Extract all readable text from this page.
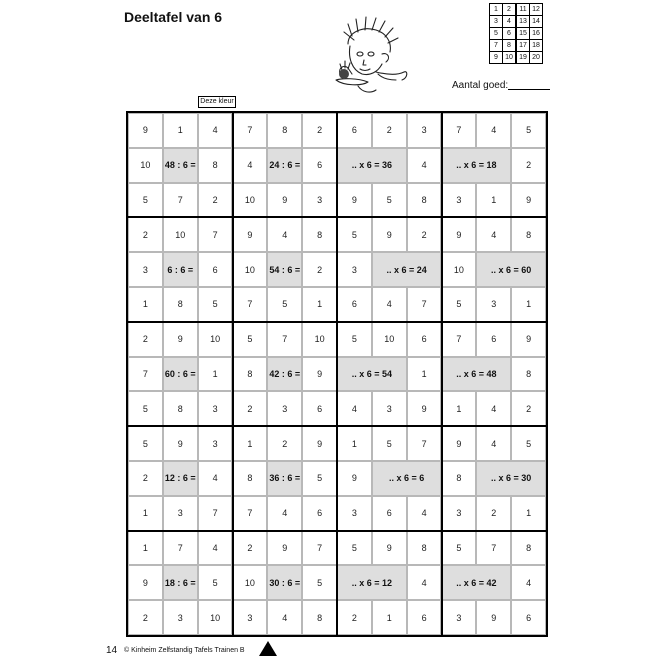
Deeltafel van 6	1	2	11	12
3	4	13	14
5	6	15	16
7	8	17	18
9	10	19	20
Aantal goed:
Deze kleur
9	1	4	7	8	2	6	2	3	7	4	5
10	48 : 6 =	8	4	24 : 6 =	6	.. x 6 = 36	4	.. x 6 = 18	2
5	7	2	10	9	3	9	5	8	3	1	9
2	10	7	9	4	8	5	9	2	9	4	8
3	6 : 6 =	6	10	54 : 6 =	2	3	.. x 6 = 24	10	.. x 6 = 60
1	8	5	7	5	1	6	4	7	5	3	1
2	9	10	5	7	10	5	10	6	7	6	9
7	60 : 6 =	1	8	42 : 6 =	9	.. x 6 = 54	1	.. x 6 = 48	8
5	8	3	2	3	6	4	3	9	1	4	2
5	9	3	1	2	9	1	5	7	9	4	5
2	12 : 6 =	4	8	36 : 6 =	5	9	.. x 6 = 6	8	.. x 6 = 30
1	3	7	7	4	6	3	6	4	3	2	1
1	7	4	2	9	7	5	9	8	5	7	8
9	18 : 6 =	5	10	30 : 6 =	5	.. x 6 = 12	4	.. x 6 = 42	4
2	3	10	3	4	8	2	1	6	3	9	6
14 © Kinheim Zelfstandig Tafels Trainen B
